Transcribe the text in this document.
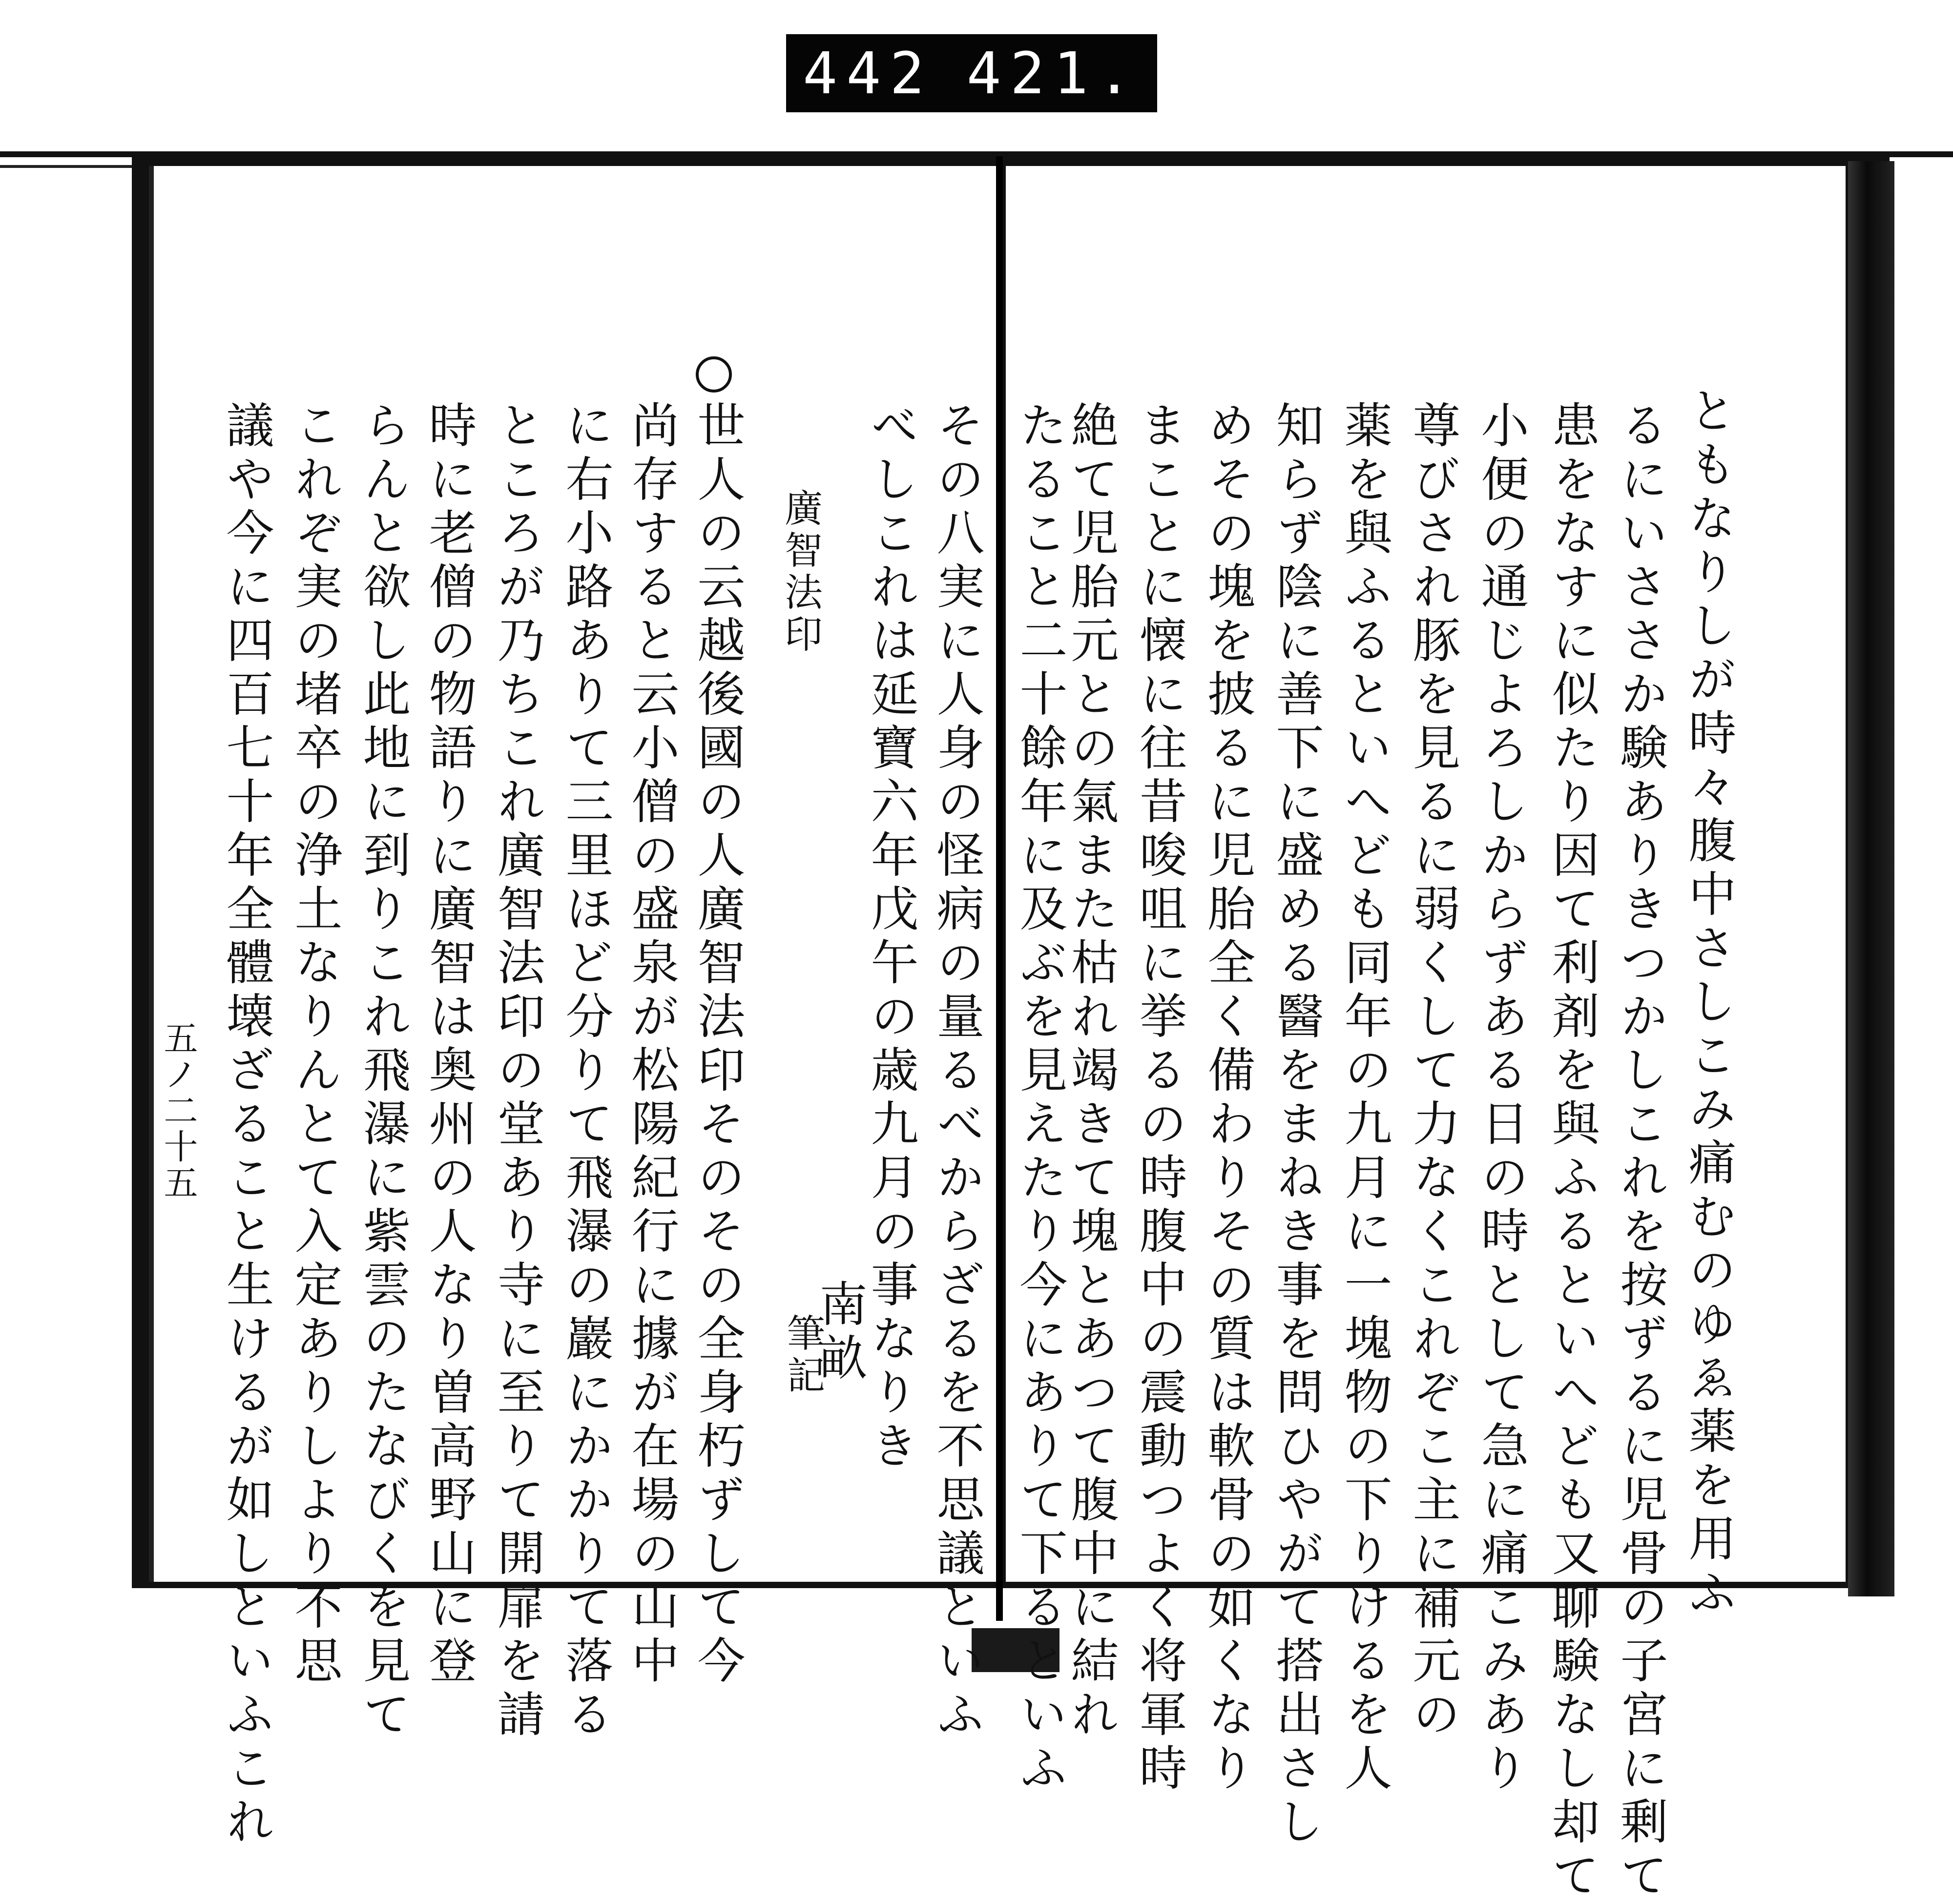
442 421.
ともなりしが時々腹中さしこみ痛むのゆゑ薬を用ふ
るにいささか験ありきつかしこれを按ずるに児骨の子宮に剰て
患をなすに似たり因て利剤を與ふるといへども又聊験なし却て
小便の通じよろしからずある日の時として急に痛こみあり
尊びされ豚を見るに弱くして力なくこれぞこ主に補元の
薬を與ふるといへども同年の九月に一塊物の下りけるを人
知らず陰に善下に盛める醫をまねき事を問ひやがて搭出さし
めその塊を披るに児胎全く備わりその質は軟骨の如くなり
まことに懐に往昔唆咀に挙るの時腹中の震動つよく将軍時
絶て児胎元との氣また枯れ竭きて塊とあつて腹中に結れ
たること二十餘年に及ぶを見えたり今にありて下るといふ
その八実に人身の怪病の量るべからざるを不思議といふ
べしこれは延寶六年戊午の歳九月の事なりき
廣智法印
世人の云越後國の人廣智法印そのその全身朽ずして今
尚存すると云小僧の盛泉が松陽紀行に據が在場の山中
に右小路ありて三里ほど分りて飛瀑の巖にかかりて落る
ところが乃ちこれ廣智法印の堂あり寺に至りて開扉を請
時に老僧の物語りに廣智は奥州の人なり曽高野山に登
らんと欲し此地に到りこれ飛瀑に紫雲のたなびくを見て
これぞ実の堵卒の浄土なりんとて入定ありしより不思
議や今に四百七十年全體壊ざること生けるが如しといふこれ	南畝
筆記
五ノ二十五
